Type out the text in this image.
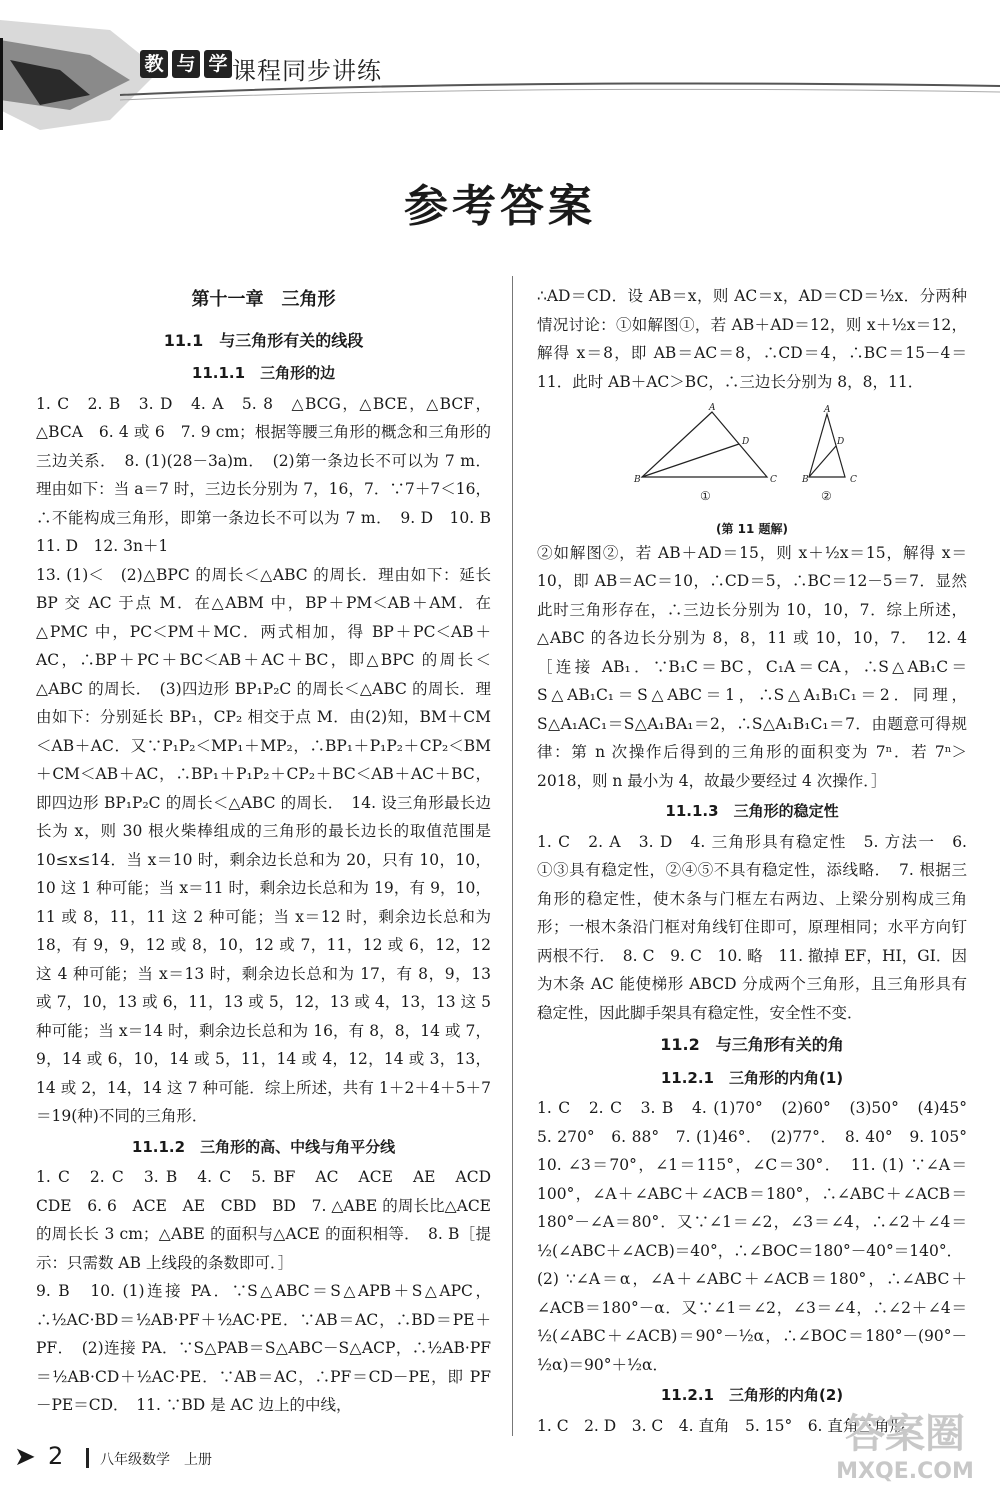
教 与 学 课程同步讲练
参考答案
第十一章　三角形
11.1　与三角形有关的线段
11.1.1　三角形的边

1. C　2. B　3. D　4. A　5. 8　△BCG，△BCE，△BCF，△BCA　6. 4 或 6　7. 9 cm；根据等腰三角形的概念和三角形的三边关系．　8. (1)(28－3a)m．　(2)第一条边长不可以为 7 m．理由如下：当 a＝7 时，三边长分别为 7，16，7．∵7＋7＜16，∴不能构成三角形，即第一条边长不可以为 7 m．　9. D　10. B　11. D　12. 3n＋1

13. (1)＜　(2)△BPC 的周长＜△ABC 的周长．理由如下：延长 BP 交 AC 于点 M．在△ABM 中，BP＋PM＜AB＋AM．在△PMC 中，PC＜PM＋MC．两式相加，得 BP＋PC＜AB＋AC，∴BP＋PC＋BC＜AB＋AC＋BC，即△BPC 的周长＜△ABC 的周长．　(3)四边形 BP₁P₂C 的周长＜△ABC 的周长．理由如下：分别延长 BP₁，CP₂ 相交于点 M．由(2)知，BM＋CM＜AB＋AC．又∵P₁P₂＜MP₁＋MP₂，∴BP₁＋P₁P₂＋CP₂＜BM＋CM＜AB＋AC，∴BP₁＋P₁P₂＋CP₂＋BC＜AB＋AC＋BC，即四边形 BP₁P₂C 的周长＜△ABC 的周长．　14. 设三角形最长边长为 x，则 30 根火柴棒组成的三角形的最长边长的取值范围是 10≤x≤14．当 x＝10 时，剩余边长总和为 20，只有 10，10，10 这 1 种可能；当 x＝11 时，剩余边长总和为 19，有 9，10，11 或 8，11，11 这 2 种可能；当 x＝12 时，剩余边长总和为 18，有 9，9，12 或 8，10，12 或 7，11，12 或 6，12，12 这 4 种可能；当 x＝13 时，剩余边长总和为 17，有 8，9，13 或 7，10，13 或 6，11，13 或 5，12，13 或 4，13，13 这 5 种可能；当 x＝14 时，剩余边长总和为 16，有 8，8，14 或 7，9，14 或 6，10，14 或 5，11，14 或 4，12，14 或 3，13，14 或 2，14，14 这 7 种可能．综上所述，共有 1＋2＋4＋5＋7＝19(种)不同的三角形．

11.1.2　三角形的高、中线与角平分线

1. C　2. C　3. B　4. C　5. BF　AC　ACE　AE　ACD　CDE　6. 6　ACE　AE　CBD　BD　7. △ABE 的周长比△ACE 的周长长 3 cm；△ABE 的面积与△ACE 的面积相等．　8. B［提示：只需数 AB 上线段的条数即可．］

9. B　10. (1)连接 PA．∵S△ABC＝S△APB＋S△APC，∴½AC·BD＝½AB·PF＋½AC·PE．∵AB＝AC，∴BD＝PE＋PF．　(2)连接 PA．∵S△PAB＝S△ABC－S△ACP，∴½AB·PF＝½AB·CD＋½AC·PE．∵AB＝AC，∴PF＝CD－PE，即 PF－PE＝CD．　11. ∵BD 是 AC 边上的中线，

∴AD＝CD．设 AB＝x，则 AC＝x，AD＝CD＝½x．分两种情况讨论：①如解图①，若 AB＋AD＝12，则 x＋½x＝12，解得 x＝8，即 AB＝AC＝8，∴CD＝4，∴BC＝15－4＝11．此时 AB＋AC＞BC，∴三边长分别为 8，8，11．

A
D
B	C
A
D
B	C
①	②
(第 11 题解)

②如解图②，若 AB＋AD＝15，则 x＋½x＝15，解得 x＝10，即 AB＝AC＝10，∴CD＝5，∴BC＝12－5＝7．显然此时三角形存在，∴三边长分别为 10，10，7．综上所述，△ABC 的各边长分别为 8，8，11 或 10，10，7．　12. 4［连接 AB₁．∵B₁C＝BC，C₁A＝CA，∴S△AB₁C＝S△AB₁C₁＝S△ABC＝1，∴S△A₁B₁C₁＝2．同理，S△A₁AC₁＝S△A₁BA₁＝2，∴S△A₁B₁C₁＝7．由题意可得规律：第 n 次操作后得到的三角形的面积变为 7ⁿ．若 7ⁿ＞2018，则 n 最小为 4，故最少要经过 4 次操作．］

11.1.3　三角形的稳定性

1. C　2. A　3. D　4. 三角形具有稳定性　5. 方法一　6. ①③具有稳定性，②④⑤不具有稳定性，添线略．　7. 根据三角形的稳定性，使木条与门框左右两边、上梁分别构成三角形；一根木条沿门框对角线钉住即可，原理相同；水平方向钉两根不行．　8. C　9. C　10. 略　11. 撤掉 EF，HI，GI．因为木条 AC 能使梯形 ABCD 分成两个三角形，且三角形具有稳定性，因此脚手架具有稳定性，安全性不变．

11.2　与三角形有关的角
11.2.1　三角形的内角(1)

1. C　2. C　3. B　4. (1)70°　(2)60°　(3)50°　(4)45°　5. 270°　6. 88°　7. (1)46°．　(2)77°．　8. 40°　9. 105°　10. ∠3＝70°，∠1＝115°，∠C＝30°．　11. (1) ∵∠A＝100°，∠A＋∠ABC＋∠ACB＝180°，∴∠ABC＋∠ACB＝180°－∠A＝80°．又∵∠1＝∠2，∠3＝∠4，∴∠2＋∠4＝½(∠ABC＋∠ACB)＝40°，∴∠BOC＝180°－40°＝140°．

(2) ∵∠A＝α，∠A＋∠ABC＋∠ACB＝180°，∴∠ABC＋∠ACB＝180°－α．又∵∠1＝∠2，∠3＝∠4，∴∠2＋∠4＝½(∠ABC＋∠ACB)＝90°－½α，∴∠BOC＝180°－(90°－½α)＝90°＋½α．

11.2.1　三角形的内角(2)

1. C　2. D　3. C　4. 直角　5. 15°　6. 直角三角形

➤ 2	八年级数学　上册
答案圈
MXQE.COM
